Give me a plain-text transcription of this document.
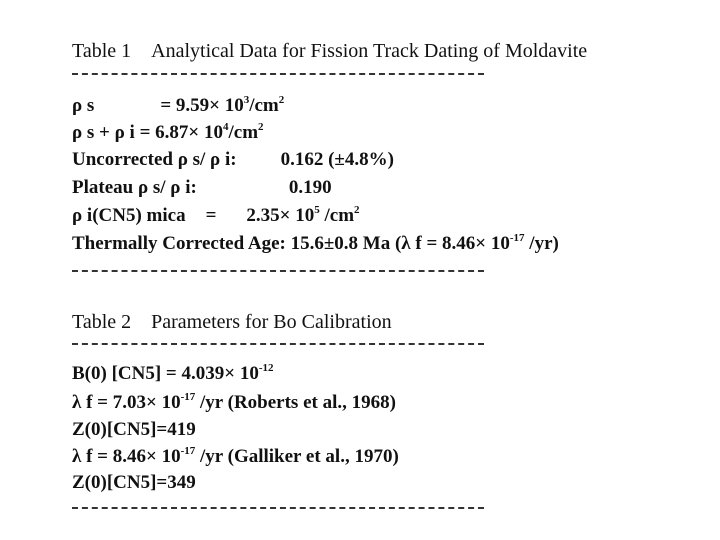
Table 1　Analytical Data for Fission Track Dating of Moldavite
ρ s	= $9.59\times 10^3/cm^2$
ρ s + ρ $i = 6.87\times 10^4/cm^2$
Uncorrected ρ s/ ρ i: 0.162 (±4.8%)
Plateau ρ s/ ρ i:	0.190
ρ i(CN5) mica = $2.35\times 10^5$ $/cm^2$
Thermally Corrected Age: 15.6±0.8 Ma (λ $f = 8.46\times 10^{-17}$ /yr)
Table 2　Parameters for Bo Calibration
B(0) $[CN5] = 4.039\times 10^{-12}$
λ $f = 7.03\times 10^{-17}$ /yr (Roberts et al., 1968)
Z(0)[CN5]=419
λ $f = 8.46\times 10^{-17}$ /yr (Galliker et al., 1970)
Z(0)[CN5]=349
